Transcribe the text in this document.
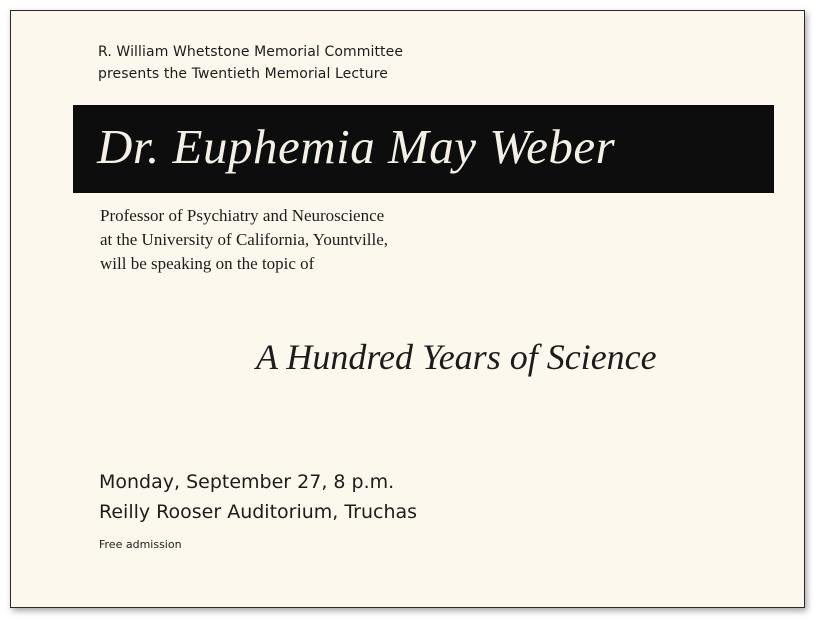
R. William Whetstone Memorial Committee
presents the Twentieth Memorial Lecture
Dr. Euphemia May Weber
Professor of Psychiatry and Neuroscience
at the University of California, Yountville,
will be speaking on the topic of
A Hundred Years of Science
Monday, September 27, 8 p.m.
Reilly Rooser Auditorium, Truchas
Free admission
